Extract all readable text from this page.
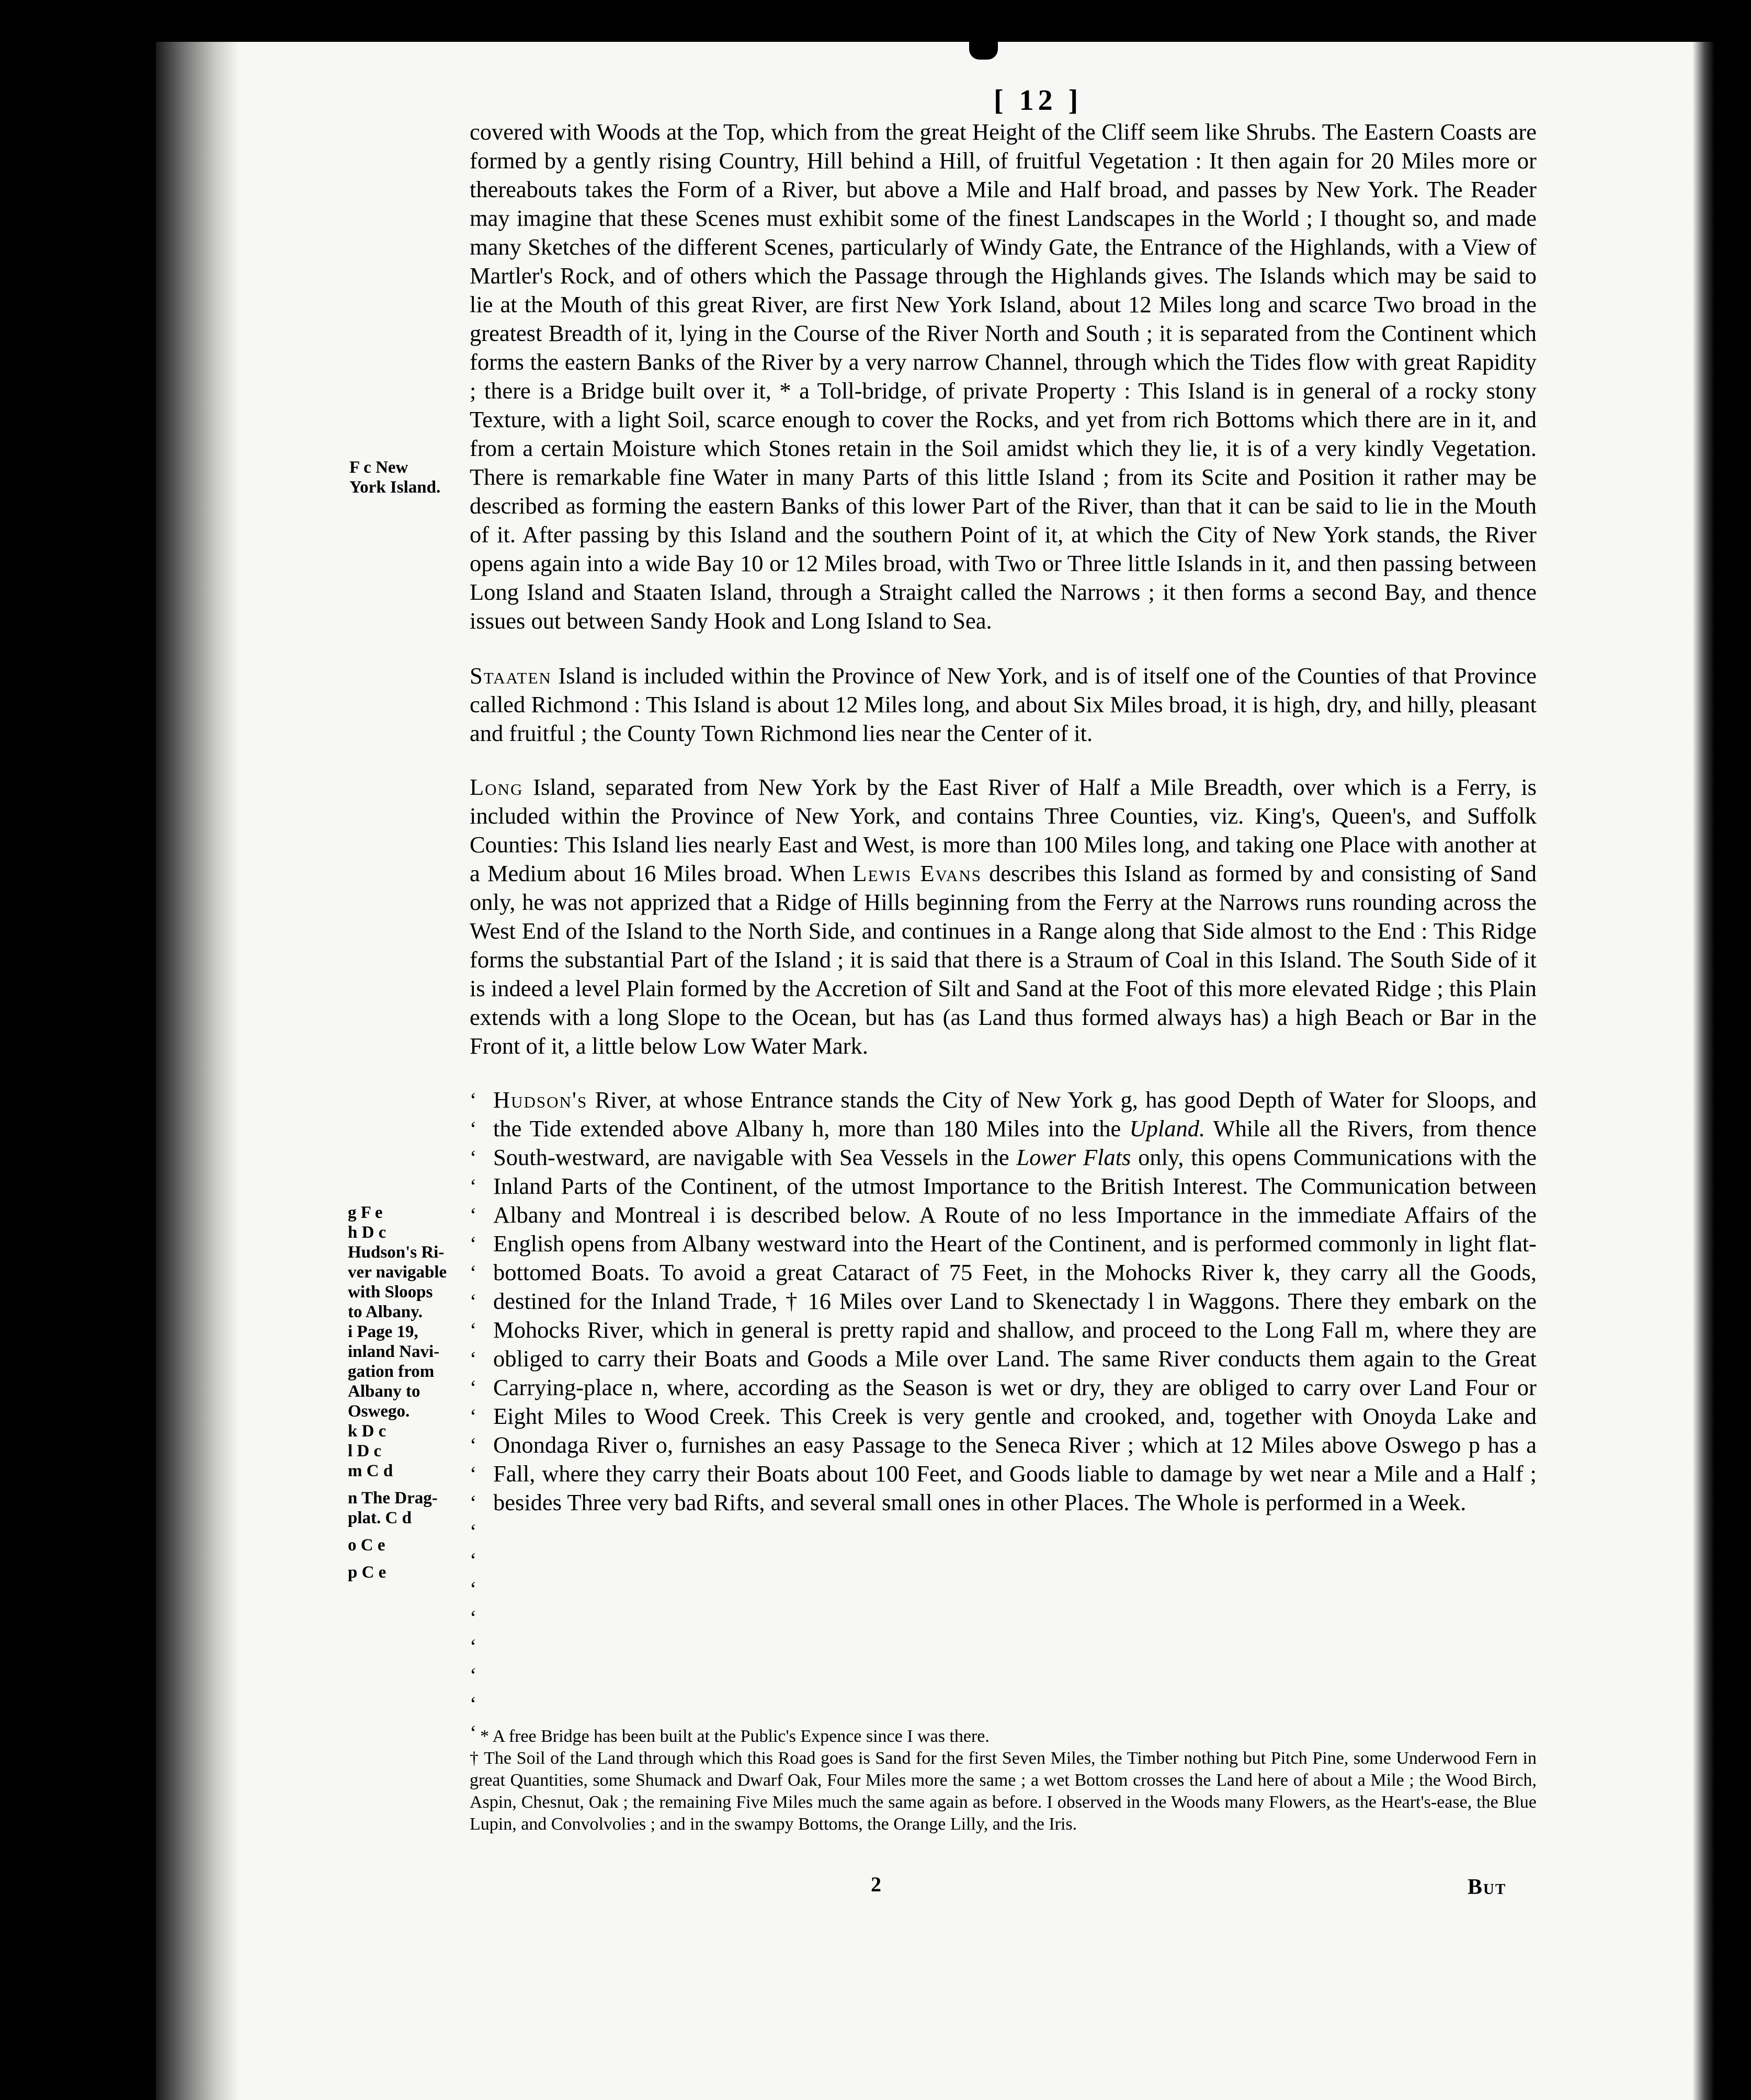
[ 12 ]
F c New
York Island.
g F e
h D c
Hudson's Ri-
ver navigable
with Sloops
to Albany.
i Page 19,
inland Navi-
gation from
Albany to
Oswego.
k D c
l D c
m C d
n The Drag-
plat. C d
o C e
p C e

covered with Woods at the Top, which from the great Height of the Cliff seem like Shrubs. The Eastern Coasts are formed by a gently rising Country, Hill behind a Hill, of fruitful Vegetation : It then again for 20 Miles more or thereabouts takes the Form of a River, but above a Mile and Half broad, and passes by New York. The Reader may imagine that these Scenes must exhibit some of the finest Landscapes in the World ; I thought so, and made many Sketches of the different Scenes, particularly of Windy Gate, the Entrance of the Highlands, with a View of Martler's Rock, and of others which the Passage through the Highlands gives. The Islands which may be said to lie at the Mouth of this great River, are first New York Island, about 12 Miles long and scarce Two broad in the greatest Breadth of it, lying in the Course of the River North and South ; it is separated from the Continent which forms the eastern Banks of the River by a very narrow Channel, through which the Tides flow with great Rapidity ; there is a Bridge built over it, * a Toll-bridge, of private Property : This Island is in general of a rocky stony Texture, with a light Soil, scarce enough to cover the Rocks, and yet from rich Bottoms which there are in it, and from a certain Moisture which Stones retain in the Soil amidst which they lie, it is of a very kindly Vegetation. There is remarkable fine Water in many Parts of this little Island ; from its Scite and Position it rather may be described as forming the eastern Banks of this lower Part of the River, than that it can be said to lie in the Mouth of it. After passing by this Island and the southern Point of it, at which the City of New York stands, the River opens again into a wide Bay 10 or 12 Miles broad, with Two or Three little Islands in it, and then passing between Long Island and Staaten Island, through a Straight called the Narrows ; it then forms a second Bay, and thence issues out between Sandy Hook and Long Island to Sea.

Staaten Island is included within the Province of New York, and is of itself one of the Counties of that Province called Richmond : This Island is about 12 Miles long, and about Six Miles broad, it is high, dry, and hilly, pleasant and fruitful ; the County Town Richmond lies near the Center of it.

Long Island, separated from New York by the East River of Half a Mile Breadth, over which is a Ferry, is included within the Province of New York, and contains Three Counties, viz. King's, Queen's, and Suffolk Counties: This Island lies nearly East and West, is more than 100 Miles long, and taking one Place with another at a Medium about 16 Miles broad. When Lewis Evans describes this Island as formed by and consisting of Sand only, he was not apprized that a Ridge of Hills beginning from the Ferry at the Narrows runs rounding across the West End of the Island to the North Side, and continues in a Range along that Side almost to the End : This Ridge forms the substantial Part of the Island ; it is said that there is a Straum of Coal in this Island. The South Side of it is indeed a level Plain formed by the Accretion of Silt and Sand at the Foot of this more elevated Ridge ; this Plain extends with a long Slope to the Ocean, but has (as Land thus formed always has) a high Beach or Bar in the Front of it, a little below Low Water Mark.

‘
‘
‘
‘
‘
‘
‘
‘
‘
‘
‘
‘
‘
‘
‘
‘
‘
‘
‘
‘
‘
‘
‘

Hudson's River, at whose Entrance stands the City of New York g, has good Depth of Water for Sloops, and the Tide extended above Albany h, more than 180 Miles into the Upland. While all the Rivers, from thence South-westward, are navigable with Sea Vessels in the Lower Flats only, this opens Communications with the Inland Parts of the Continent, of the utmost Importance to the British Interest. The Communication between Albany and Montreal i is described below. A Route of no less Importance in the immediate Affairs of the English opens from Albany westward into the Heart of the Continent, and is performed commonly in light flat-bottomed Boats. To avoid a great Cataract of 75 Feet, in the Mohocks River k, they carry all the Goods, destined for the Inland Trade, † 16 Miles over Land to Skenectady l in Waggons. There they embark on the Mohocks River, which in general is pretty rapid and shallow, and proceed to the Long Fall m, where they are obliged to carry their Boats and Goods a Mile over Land. The same River conducts them again to the Great Carrying-place n, where, according as the Season is wet or dry, they are obliged to carry over Land Four or Eight Miles to Wood Creek. This Creek is very gentle and crooked, and, together with Onoyda Lake and Onondaga River o, furnishes an easy Passage to the Seneca River ; which at 12 Miles above Oswego p has a Fall, where they carry their Boats about 100 Feet, and Goods liable to damage by wet near a Mile and a Half ; besides Three very bad Rifts, and several small ones in other Places. The Whole is performed in a Week.

* A free Bridge has been built at the Public's Expence since I was there.

† The Soil of the Land through which this Road goes is Sand for the first Seven Miles, the Timber nothing but Pitch Pine, some Underwood Fern in great Quantities, some Shumack and Dwarf Oak, Four Miles more the same ; a wet Bottom crosses the Land here of about a Mile ; the Wood Birch, Aspin, Chesnut, Oak ; the remaining Five Miles much the same again as before. I observed in the Woods many Flowers, as the Heart's-ease, the Blue Lupin, and Convolvolies ; and in the swampy Bottoms, the Orange Lilly, and the Iris.

2	But
